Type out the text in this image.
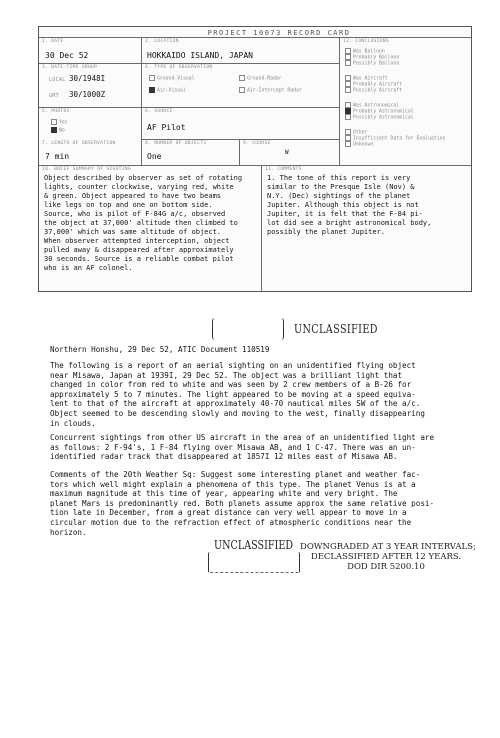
PROJECT 10073 RECORD CARD
1. DATE
30 Dec 52
2. LOCATION
HOKKAIDO ISLAND, JAPAN
12. CONCLUSIONS
Was Balloon
Probably Balloon
Possibly Balloon
Was Aircraft
Probably Aircraft
Possibly Aircraft
Was Astronomical
Probably Astronomical
Possibly Astronomical
Other
Insufficient Data for Evaluation
Unknown
3. DATE-TIME GROUP
LOCAL 30/1948I
GMT 30/1000Z
4. TYPE OF OBSERVATION
Ground-Visual	Ground-Radar
Air-Visual	Air-Intercept Radar
5. PHOTOS
Yes
No
6. SOURCE
AF Pilot
7. LENGTH OF OBSERVATION
7 min
8. NUMBER OF OBJECTS
One
9. COURSE
W
10. BRIEF SUMMARY OF SIGHTING	11. COMMENTS

Object described by observer as set of rotating

lights, counter clockwise, varying red, white

& green. Object appeared to have two beams

like legs on top and one on bottom side.

Source, who is pilot of F-84G a/c, observed

the object at 37,000' altitude then climbed to

37,000' which was same altitude of object.

When observer attempted interception, object

pulled away & disappeared after approximately

30 seconds. Source is a reliable combat pilot

who is an AF colonel.

1. The tone of this report is very

similar to the Presque Isle (Nov) &

N.Y. (Dec) sightings of the planet

Jupiter. Although this object is not

Jupiter, it is felt that the F-84 pi-

lot did see a bright astronomical body,

possibly the planet Jupiter.

UNCLASSIFIED
Northern Honshu, 29 Dec 52, ATIC Document 110519

The following is a report of an aerial sighting on an unidentified flying object

near Misawa, Japan at 1939I, 29 Dec 52. The object was a brilliant light that

changed in color from red to white and was seen by 2 crew members of a B-26 for

approximately 5 to 7 minutes. The light appeared to be moving at a speed equiva-

lent to that of the aircraft at approximately 40-70 nautical miles SW of the a/c.

Object seemed to be descending slowly and moving to the west, finally disappearing

in clouds.

Concurrent sightings from other US aircraft in the area of an unidentified light are

as follows: 2 F-94's, 1 F-84 flying over Misawa AB, and 1 C-47. There was an un-

identified radar track that disappeared at 1857I 12 miles east of Misawa AB.

Comments of the 20th Weather Sq: Suggest some interesting planet and weather fac-

tors which well might explain a phenomena of this type. The planet Venus is at a

maximum magnitude at this time of year, appearing white and very bright. The

planet Mars is predominantly red. Both planets assume approx the same relative posi-

tion late in December, from a great distance can very well appear to move in a

circular motion due to the refraction effect of atmospheric conditions near the

horizon.

UNCLASSIFIED DOWNGRADED AT 3 YEAR INTERVALS;
DECLASSIFIED AFTER 12 YEARS.
DOD DIR 5200.10
